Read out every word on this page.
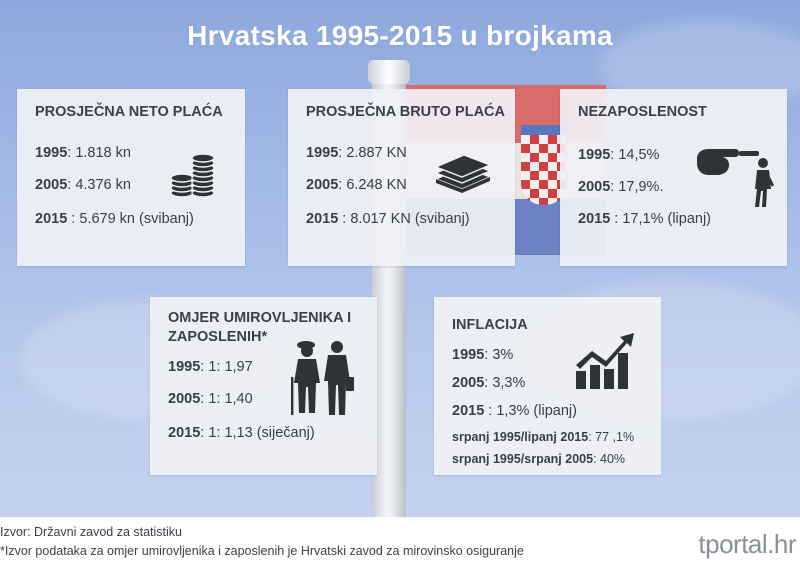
Hrvatska 1995-2015 u brojkama
PROSJEČNA NETO PLAĆA
1995: 1.818 kn
2005: 4.376 kn
2015 : 5.679 kn (svibanj)
PROSJEČNA BRUTO PLAĆA
1995: 2.887 KN
2005: 6.248 KN
2015 : 8.017 KN (svibanj)
NEZAPOSLENOST
1995: 14,5%
2005: 17,9%.
2015 : 17,1% (lipanj)
OMJER UMIROVLJENIKA I
ZAPOSLENIH*
1995: 1: 1,97
2005: 1: 1,40
2015: 1: 1,13 (siječanj)
INFLACIJA
1995: 3%
2005: 3,3%
2015 : 1,3% (lipanj)
srpanj 1995/lipanj 2015: 77 ,1%
srpanj 1995/srpanj 2005: 40%
Izvor: Državni zavod za statistiku
*Izvor podataka za omjer umirovljenika i zaposlenih je Hrvatski zavod za mirovinsko osiguranje	tportal.hr
